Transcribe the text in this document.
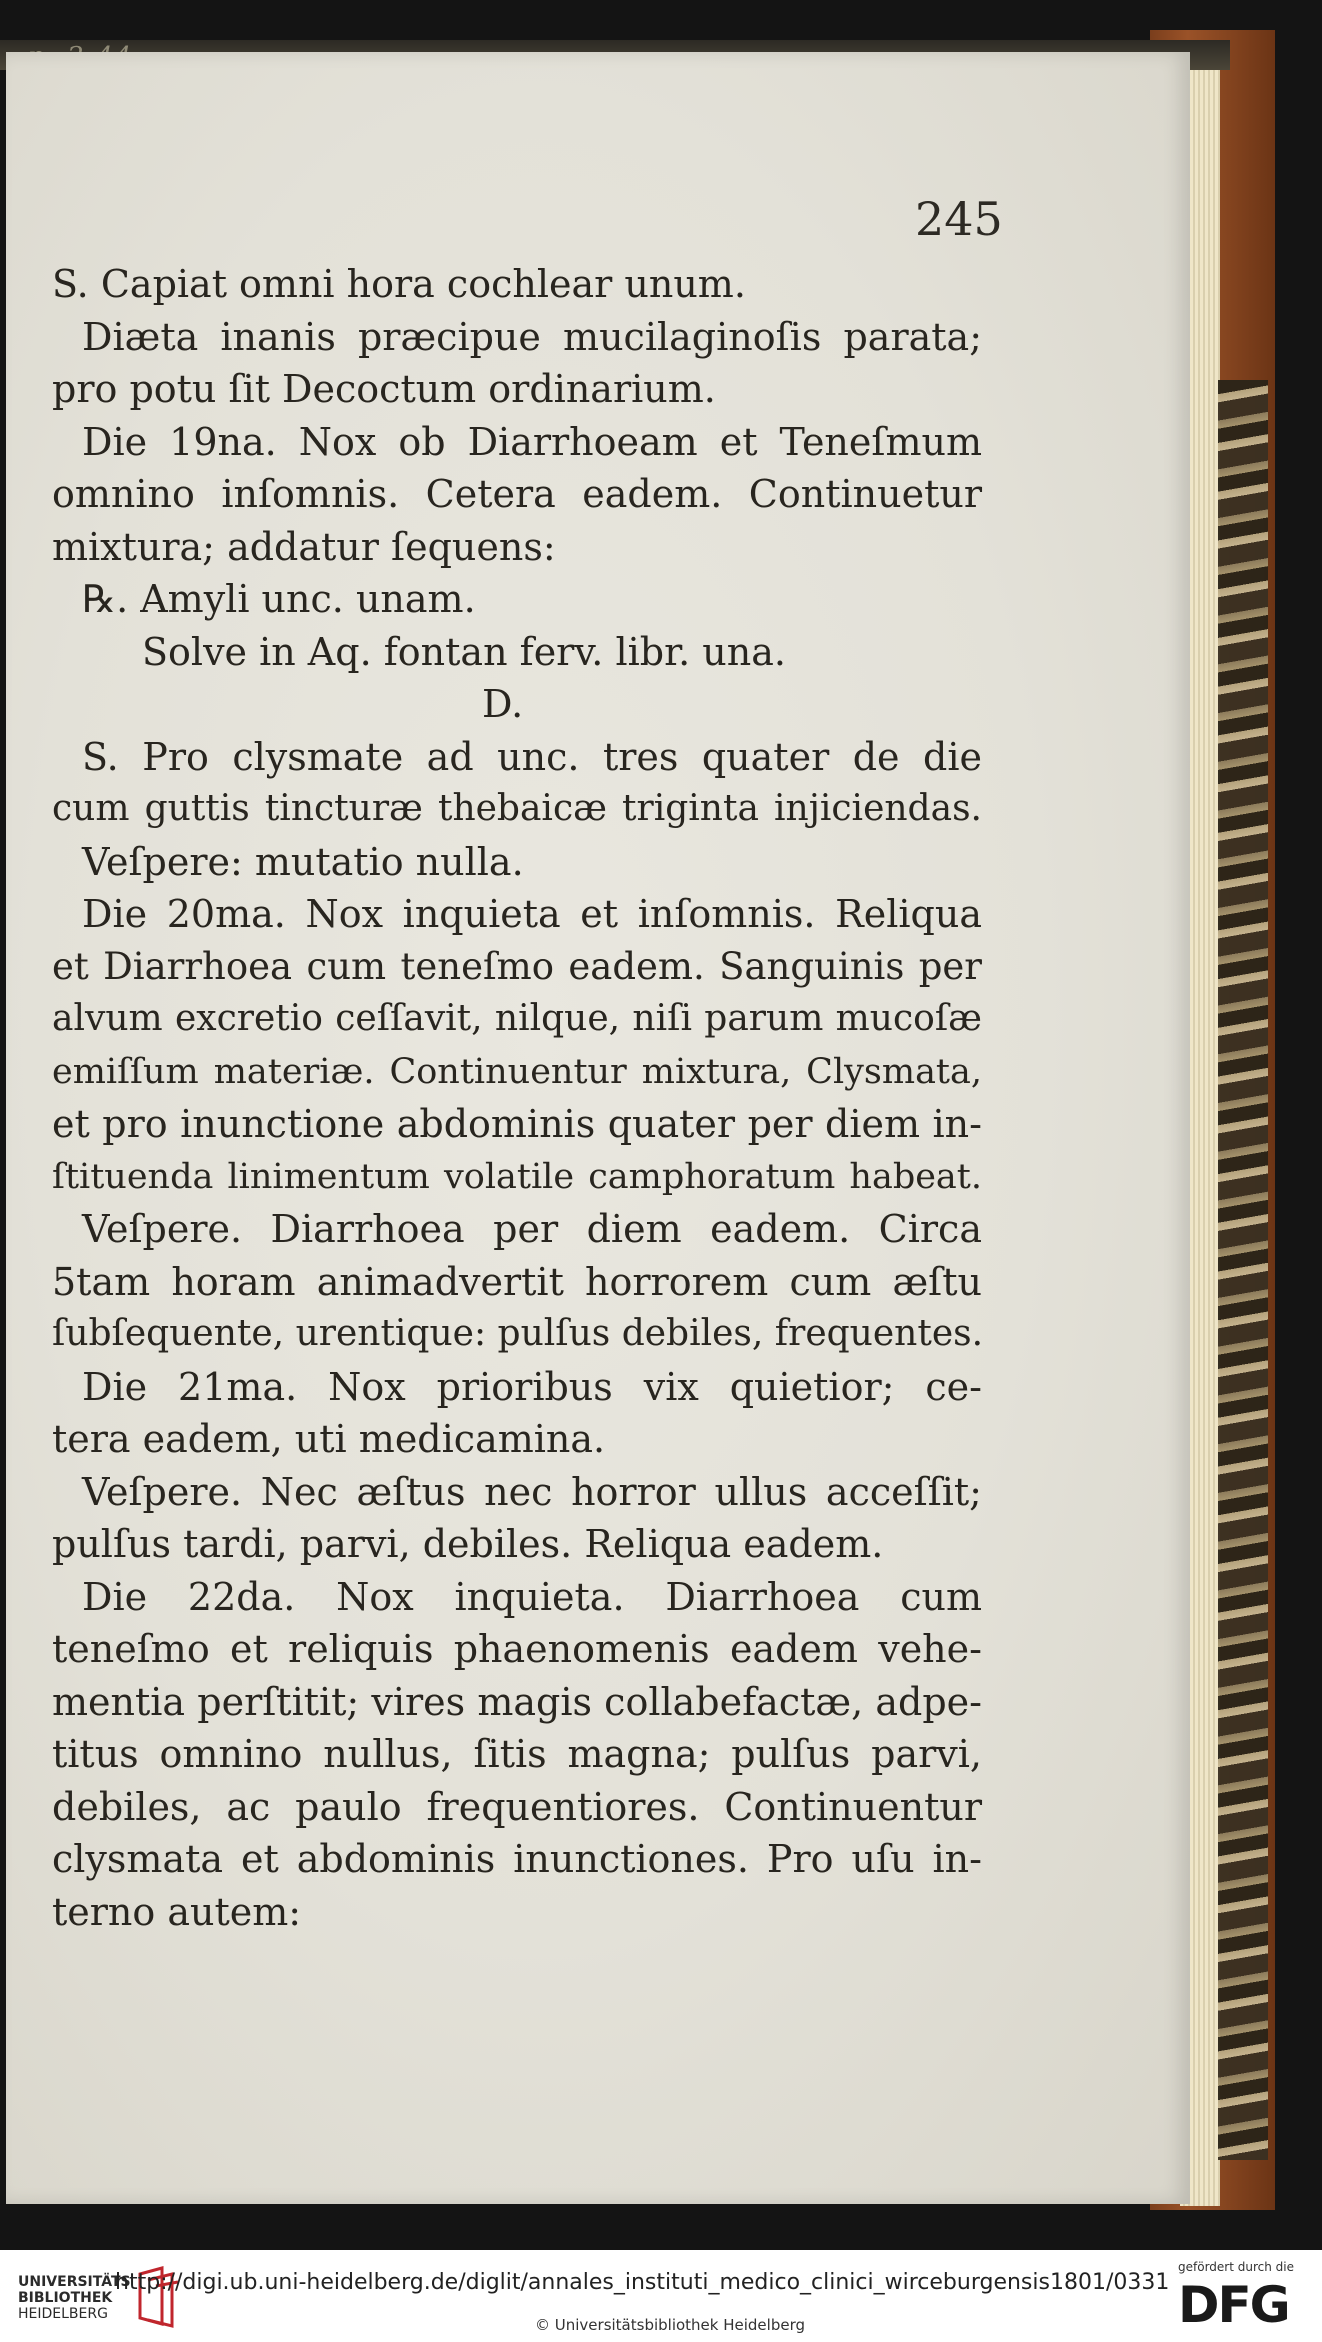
245
S. Capiat omni hora cochlear unum.
Diæta inanis præcipue mucilaginoſis parata;
pro potu ſit Decoctum ordinarium.
Die 19na. Nox ob Diarrhoeam et Teneſmum
omnino inſomnis. Cetera eadem. Continuetur
mixtura; addatur ſequens:
℞. Amyli unc. unam.
Solve in Aq. fontan ferv. libr. una.
D.
S. Pro clysmate ad unc. tres quater de die
cum guttis tincturæ thebaicæ triginta injiciendas.
Veſpere: mutatio nulla.
Die 20ma. Nox inquieta et inſomnis. Reliqua
et Diarrhoea cum teneſmo eadem. Sanguinis per
alvum excretio ceſſavit, nilque, niſi parum mucoſæ
emiſſum materiæ. Continuentur mixtura, Clysmata,
et pro inunctione abdominis quater per diem in-
ſtituenda linimentum volatile camphoratum habeat.
Veſpere. Diarrhoea per diem eadem. Circa
5tam horam animadvertit horrorem cum æſtu
ſubſequente, urentique: pulſus debiles, frequentes.
Die 21ma. Nox prioribus vix quietior; ce-
tera eadem, uti medicamina.
Veſpere. Nec æſtus nec horror ullus acceſſit;
pulſus tardi, parvi, debiles. Reliqua eadem.
Die 22da. Nox inquieta. Diarrhoea cum
teneſmo et reliquis phaenomenis eadem vehe-
mentia perſtitit; vires magis collabefactæ, adpe-
titus omnino nullus, ſitis magna; pulſus parvi,
debiles, ac paulo frequentiores. Continuentur
clysmata et abdominis inunctiones. Pro uſu in-
terno autem:
UNIVERSITÄTS
BIBLIOTHEK
HEIDELBERG
http://digi.ub.uni-heidelberg.de/diglit/annales_instituti_medico_clinici_wirceburgensis1801/0331
© Universitätsbibliothek Heidelberg
gefördert durch die
DFG
